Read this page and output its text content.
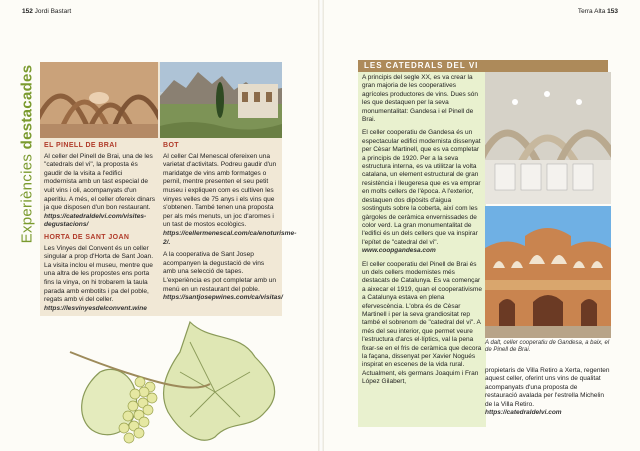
152 Jordi Bastart	Terra Alta 153
Experiències destacades EL PINELL DE BRAI

Al celler del Pinell de Brai, una de les "catedrals del vi", la proposta és gaudir de la visita a l'edifici modernista amb un tast especial de vuit vins i oli, acompanyats d'un aperitiu. A més, el celler ofereix dinars ja que disposen d'un bon restaurant. https://catedraldelvi.com/visites-degustacions/

HORTA DE SANT JOAN

Les Vinyes del Convent és un celler singular a prop d'Horta de Sant Joan. La visita inclou el museu, mentre que una altra de les propostes ens porta fins la vinya, on hi trobarem la taula parada amb embotits i pa del poble, regats amb vi del celler. https://lesvinyesdelconvent.wine

BOT

Al celler Cal Menescal ofereixen una varietat d'activitats. Podreu gaudir d'un maridatge de vins amb formatges o pernil, mentre presenten el seu petit museu i expliquen com es cultiven les vinyes velles de 75 anys i els vins que s'obtenen. També tenen una proposta per als més menuts, un joc d'aromes i un tast de mostos ecològics. https://cellermenescal.com/ca/enoturisme-2/.

A la cooperativa de Sant Josep acompanyen la degustació de vins amb una selecció de tapes. L'experiència es pot completar amb un menú en un restaurant del poble. https://santjosepwines.com/ca/visitas/

LES CATEDRALS DEL VI

A principis del segle XX, es va crear la gran majoria de les cooperatives agrícoles productores de vins. Dues són les que destaquen per la seva monumentalitat: Gandesa i el Pinell de Brai.

El celler cooperatiu de Gandesa és un espectacular edifici modernista dissenyat per Cèsar Martinell, que es va completar a principis de 1920. Per a la seva estructura interna, es va utilitzar la volta catalana, un element estructural de gran resistència i lleugeresa que es va emprar en molts cellers de l'època. A l'exterior, destaquen dos dipòsits d'aigua sostinguts sobre la coberta, així com les gàrgoles de ceràmica envernissades de color verd. La gran monumentalitat de l'edifici és un dels cellers que va inspirar l'epítet de "catedral del vi". www.coopgandesa.com

El celler cooperatiu del Pinell de Brai és un dels cellers modernistes més destacats de Catalunya. Es va començar a aixecar el 1919, quan el cooperativisme a Catalunya estava en plena efervescència. L'obra és de Cèsar Martinell i per la seva grandiositat rep també el sobrenom de "catedral del vi". A més del seu interior, que permet veure l'estructura d'arcs el·líptics, val la pena fixar-se en el fris de ceràmica que decora la façana, dissenyat per Xavier Nogués inspirat en escenes de la vida rural. Actualment, els germans Joaquim i Fran López Gilabert,

A dalt, celler cooperatiu de Gandesa, a baix, el de Pinell de Brai.

propietaris de Villa Retiro a Xerta, regenten aquest celler, oferint uns vins de qualitat acompanyats d'una proposta de restauració avalada per l'estrella Michelin de la Villa Retiro. https://catedraldelvi.com
